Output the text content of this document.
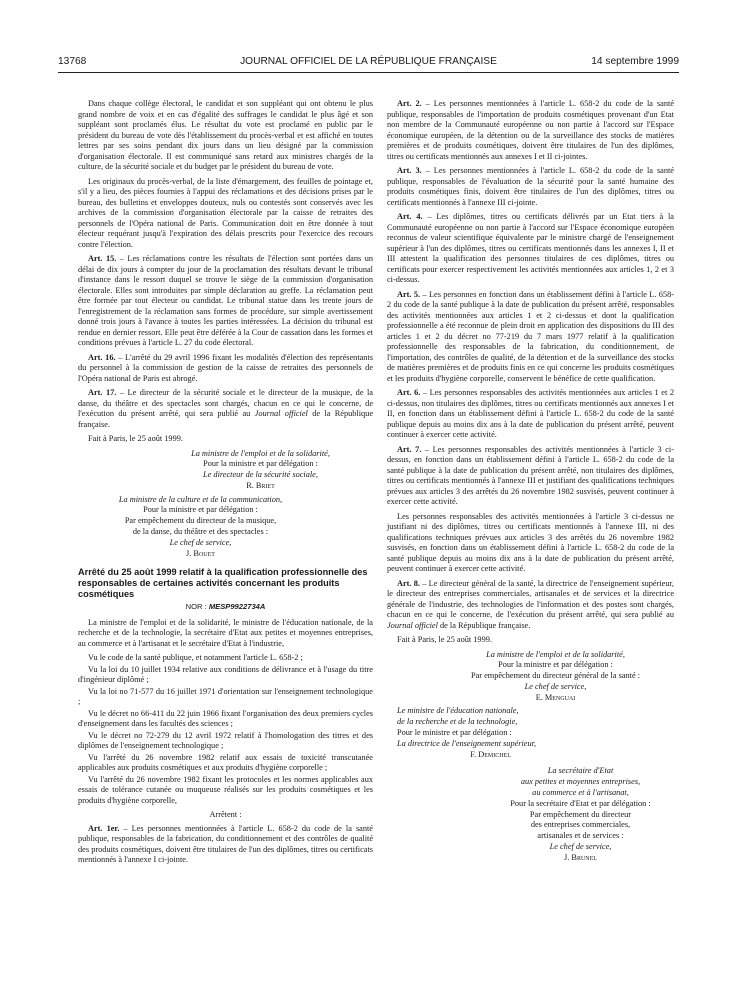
13768	JOURNAL OFFICIEL DE LA RÉPUBLIQUE FRANÇAISE	14 septembre 1999

Dans chaque collège électoral, le candidat et son suppléant qui ont obtenu le plus grand nombre de voix et en cas d'égalité des suffrages le candidat le plus âgé et son suppléant sont proclamés élus. Le résultat du vote est proclamé en public par le président du bureau de vote dès l'établissement du procès-verbal et est affiché en toutes lettres par ses soins pendant dix jours dans un lieu désigné par la commission d'organisation électorale. Il est communiqué sans retard aux ministres chargés de la culture, de la sécurité sociale et du budget par le président du bureau de vote.

Les originaux du procès-verbal, de la liste d'émargement, des feuilles de pointage et, s'il y a lieu, des pièces fournies à l'appui des réclamations et des décisions prises par le bureau, des bulletins et enveloppes douteux, nuls ou contestés sont conservés avec les archives de la commission d'organisation électorale par la caisse de retraites des personnels de l'Opéra national de Paris. Communication doit en être donnée à tout électeur requérant jusqu'à l'expiration des délais prescrits pour l'exercice des recours contre l'élection.

Art. 15. – Les réclamations contre les résultats de l'élection sont portées dans un délai de dix jours à compter du jour de la proclamation des résultats devant le tribunal d'instance dans le ressort duquel se trouve le siège de la commission d'organisation électorale. Elles sont introduites par simple déclaration au greffe. La réclamation peut être formée par tout électeur ou candidat. Le tribunal statue dans les trente jours de l'enregistrement de la réclamation sans formes de procédure, sur simple avertissement donné trois jours à l'avance à toutes les parties intéressées. La décision du tribunal est rendue en dernier ressort. Elle peut être déférée à la Cour de cassation dans les formes et conditions prévues à l'article L. 27 du code électoral.

Art. 16. – L'arrêté du 29 avril 1996 fixant les modalités d'élection des représentants du personnel à la commission de gestion de la caisse de retraites des personnels de l'Opéra national de Paris est abrogé.

Art. 17. – Le directeur de la sécurité sociale et le directeur de la musique, de la danse, du théâtre et des spectacles sont chargés, chacun en ce qui le concerne, de l'exécution du présent arrêté, qui sera publié au Journal officiel de la République française.

Fait à Paris, le 25 août 1999.

La ministre de l'emploi et de la solidarité,

Pour la ministre et par délégation :

Le directeur de la sécurité sociale,

R. Briet

La ministre de la culture et de la communication,

Pour la ministre et par délégation :

Par empêchement du directeur de la musique,

de la danse, du théâtre et des spectacles :

Le chef de service,

J. Bouet

Arrêté du 25 août 1999 relatif à la qualification professionnelle des responsables de certaines activités concernant les produits cosmétiques

NOR : MESP9922734A

La ministre de l'emploi et de la solidarité, le ministre de l'éducation nationale, de la recherche et de la technologie, la secrétaire d'Etat aux petites et moyennes entreprises, au commerce et à l'artisanat et le secrétaire d'Etat à l'industrie,

Vu le code de la santé publique, et notamment l'article L. 658-2 ;

Vu la loi du 10 juillet 1934 relative aux conditions de délivrance et à l'usage du titre d'ingénieur diplômé ;

Vu la loi no 71-577 du 16 juillet 1971 d'orientation sur l'enseignement technologique ;

Vu le décret no 66-411 du 22 juin 1966 fixant l'organisation des deux premiers cycles d'enseignement dans les facultés des sciences ;

Vu le décret no 72-279 du 12 avril 1972 relatif à l'homologation des titres et des diplômes de l'enseignement technologique ;

Vu l'arrêté du 26 novembre 1982 relatif aux essais de toxicité transcutanée applicables aux produits cosmétiques et aux produits d'hygiène corporelle ;

Vu l'arrêté du 26 novembre 1982 fixant les protocoles et les normes applicables aux essais de tolérance cutanée ou muqueuse réalisés sur les produits cosmétiques et les produits d'hygiène corporelle,

Arrêtent :

Art. 1er. – Les personnes mentionnées à l'article L. 658-2 du code de la santé publique, responsables de la fabrication, du conditionnement et des contrôles de qualité des produits cosmétiques, doivent être titulaires de l'un des diplômes, titres ou certificats mentionnés à l'annexe I ci-jointe.

Art. 2. – Les personnes mentionnées à l'article L. 658-2 du code de la santé publique, responsables de l'importation de produits cosmétiques provenant d'un Etat non membre de la Communauté européenne ou non partie à l'accord sur l'Espace économique européen, de la détention ou de la surveillance des stocks de matières premières et de produits cosmétiques, doivent être titulaires de l'un des diplômes, titres ou certificats mentionnés aux annexes I et II ci-jointes.

Art. 3. – Les personnes mentionnées à l'article L. 658-2 du code de la santé publique, responsables de l'évaluation de la sécurité pour la santé humaine des produits cosmétiques finis, doivent être titulaires de l'un des diplômes, titres ou certificats mentionnés à l'annexe III ci-jointe.

Art. 4. – Les diplômes, titres ou certificats délivrés par un Etat tiers à la Communauté européenne ou non partie à l'accord sur l'Espace économique européen reconnus de valeur scientifique équivalente par le ministre chargé de l'enseignement supérieur à l'un des diplômes, titres ou certificats mentionnés dans les annexes I, II et III attestent la qualification des personnes titulaires de ces diplômes, titres ou certificats pour exercer respectivement les activités mentionnées aux articles 1, 2 et 3 ci-dessus.

Art. 5. – Les personnes en fonction dans un établissement défini à l'article L. 658-2 du code de la santé publique à la date de publication du présent arrêté, responsables des activités mentionnées aux articles 1 et 2 ci-dessus et dont la qualification professionnelle a été reconnue de plein droit en application des dispositions du III des articles 1 et 2 du décret no 77-219 du 7 mars 1977 relatif à la qualification professionnelle des responsables de la fabrication, du conditionnement, de l'importation, des contrôles de qualité, de la détention et de la surveillance des stocks de matières premières et de produits finis en ce qui concerne les produits cosmétiques et les produits d'hygiène corporelle, conservent le bénéfice de cette qualification.

Art. 6. – Les personnes responsables des activités mentionnées aux articles 1 et 2 ci-dessus, non titulaires des diplômes, titres ou certificats mentionnés aux annexes I et II, en fonction dans un établissement défini à l'article L. 658-2 du code de la santé publique depuis au moins dix ans à la date de publication du présent arrêté, peuvent continuer à exercer cette activité.

Art. 7. – Les personnes responsables des activités mentionnées à l'article 3 ci-dessus, en fonction dans un établissement défini à l'article L. 658-2 du code de la santé publique à la date de publication du présent arrêté, non titulaires des diplômes, titres ou certificats mentionnés à l'annexe III et justifiant des qualifications techniques prévues aux articles 3 des arrêtés du 26 novembre 1982 susvisés, peuvent continuer à exercer cette activité.

Les personnes responsables des activités mentionnées à l'article 3 ci-dessus ne justifiant ni des diplômes, titres ou certificats mentionnés à l'annexe III, ni des qualifications techniques prévues aux articles 3 des arrêtés du 26 novembre 1982 susvisés, en fonction dans un établissement défini à l'article L. 658-2 du code de la santé publique depuis au moins dix ans à la date de publication du présent arrêté, peuvent continuer à exercer cette activité.

Art. 8. – Le directeur général de la santé, la directrice de l'enseignement supérieur, le directeur des entreprises commerciales, artisanales et de services et la directrice générale de l'industrie, des technologies de l'information et des postes sont chargés, chacun en ce qui le concerne, de l'exécution du présent arrêté, qui sera publié au Journal officiel de la République française.

Fait à Paris, le 25 août 1999.

La ministre de l'emploi et de la solidarité,

Pour la ministre et par délégation :

Par empêchement du directeur général de la santé :

Le chef de service,

E. Menguai

Le ministre de l'éducation nationale,

de la recherche et de la technologie,

Pour le ministre et par délégation :

La directrice de l'enseignement supérieur,

F. Demichel

La secrétaire d'Etat

aux petites et moyennes entreprises,

au commerce et à l'artisanat,

Pour la secrétaire d'Etat et par délégation :

Par empêchement du directeur

des entreprises commerciales,

artisanales et de services :

Le chef de service,

J. Brunel
